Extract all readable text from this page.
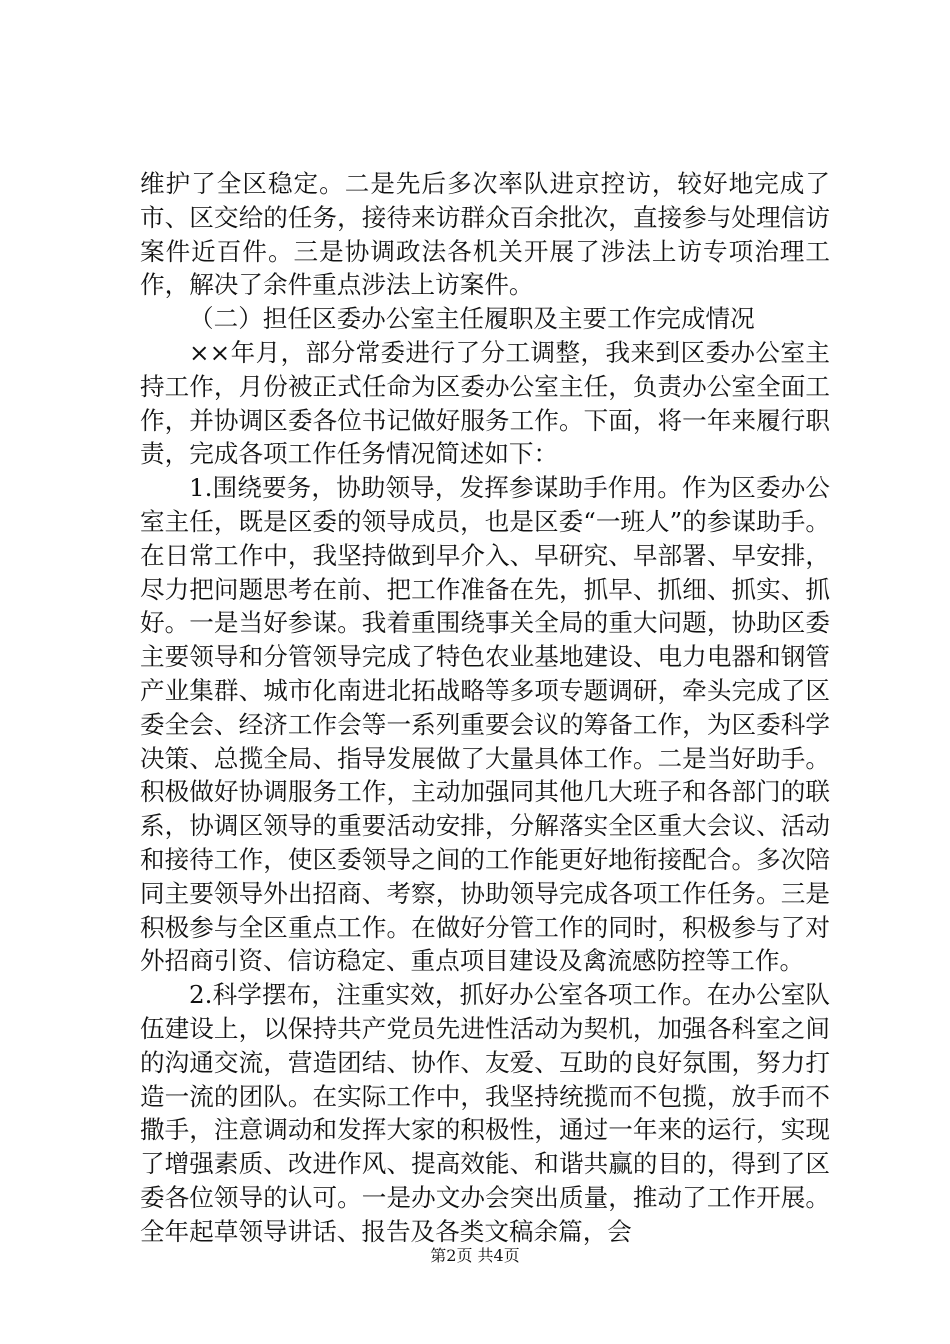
维护了全区稳定。二是先后多次率队进京控访，较好地完成了市、区交给的任务，接待来访群众百余批次，直接参与处理信访案件近百件。三是协调政法各机关开展了涉法上访专项治理工作，解决了余件重点涉法上访案件。

（二）担任区委办公室主任履职及主要工作完成情况

××年月，部分常委进行了分工调整，我来到区委办公室主持工作，月份被正式任命为区委办公室主任，负责办公室全面工作，并协调区委各位书记做好服务工作。下面，将一年来履行职责，完成各项工作任务情况简述如下：

1.围绕要务，协助领导，发挥参谋助手作用。作为区委办公室主任，既是区委的领导成员，也是区委“一班人”的参谋助手。在日常工作中，我坚持做到早介入、早研究、早部署、早安排，尽力把问题思考在前、把工作准备在先，抓早、抓细、抓实、抓好。一是当好参谋。我着重围绕事关全局的重大问题，协助区委主要领导和分管领导完成了特色农业基地建设、电力电器和钢管产业集群、城市化南进北拓战略等多项专题调研，牵头完成了区委全会、经济工作会等一系列重要会议的筹备工作，为区委科学决策、总揽全局、指导发展做了大量具体工作。二是当好助手。积极做好协调服务工作，主动加强同其他几大班子和各部门的联系，协调区领导的重要活动安排，分解落实全区重大会议、活动和接待工作，使区委领导之间的工作能更好地衔接配合。多次陪同主要领导外出招商、考察，协助领导完成各项工作任务。三是积极参与全区重点工作。在做好分管工作的同时，积极参与了对外招商引资、信访稳定、重点项目建设及禽流感防控等工作。

2.科学摆布，注重实效，抓好办公室各项工作。在办公室队伍建设上，以保持共产党员先进性活动为契机，加强各科室之间的沟通交流，营造团结、协作、友爱、互助的良好氛围，努力打造一流的团队。在实际工作中，我坚持统揽而不包揽，放手而不撒手，注意调动和发挥大家的积极性，通过一年来的运行，实现了增强素质、改进作风、提高效能、和谐共赢的目的，得到了区委各位领导的认可。一是办文办会突出质量，推动了工作开展。全年起草领导讲话、报告及各类文稿余篇，会

第2页 共4页
